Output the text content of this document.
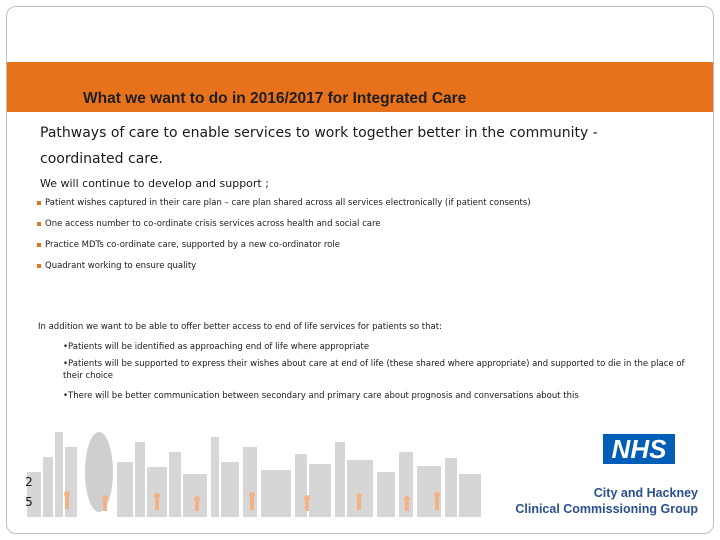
What we want to do in 2016/2017 for Integrated Care
Pathways of care to enable services to work together better in the community - coordinated care.
We will continue to develop and support ;
Patient wishes captured in their care plan – care plan shared across all services electronically (if patient consents)
One access number to co-ordinate crisis services across health and social care
Practice MDTs co-ordinate care, supported by a new co-ordinator role
Quadrant working to ensure quality
In addition we want to be able to offer better access to end of life services for patients so that:
•Patients will be identified as approaching end of life where appropriate
•Patients will be supported to express their wishes about care at end of life (these shared where appropriate) and supported to die in the place of their choice
•There will be better communication between secondary and primary care about prognosis and conversations about this
NHS
City and Hackney
Clinical Commissioning Group
2
5
